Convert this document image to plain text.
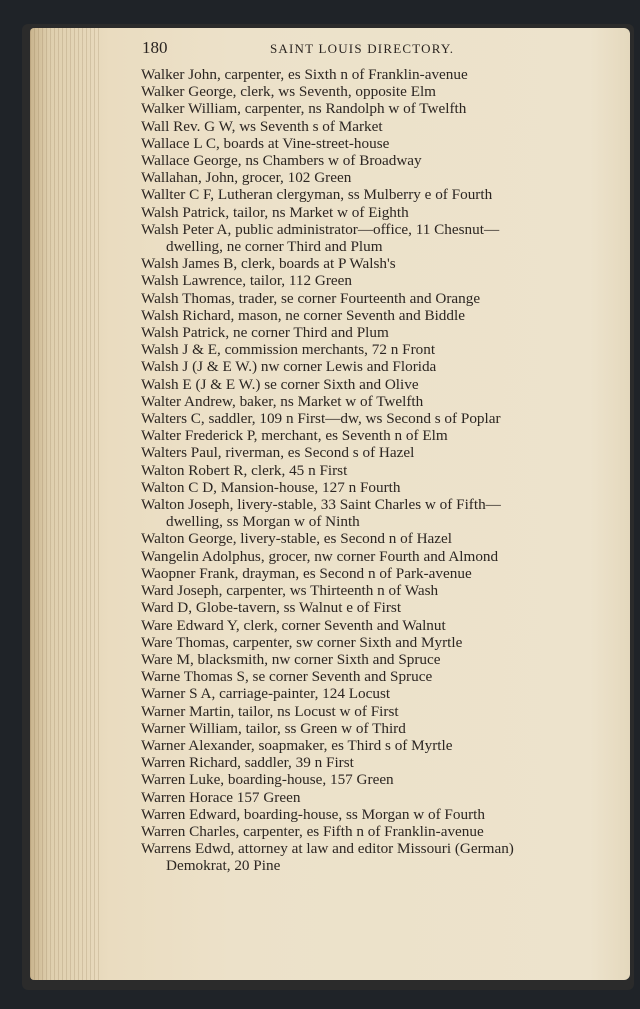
180	SAINT LOUIS DIRECTORY.
Walker John, carpenter, es Sixth n of Franklin-avenue
Walker George, clerk, ws Seventh, opposite Elm
Walker William, carpenter, ns Randolph w of Twelfth
Wall Rev. G W, ws Seventh s of Market
Wallace L C, boards at Vine-street-house
Wallace George, ns Chambers w of Broadway
Wallahan, John, grocer, 102 Green
Wallter C F, Lutheran clergyman, ss Mulberry e of Fourth
Walsh Patrick, tailor, ns Market w of Eighth
Walsh Peter A, public administrator—office, 11 Chesnut—
dwelling, ne corner Third and Plum
Walsh James B, clerk, boards at P Walsh's
Walsh Lawrence, tailor, 112 Green
Walsh Thomas, trader, se corner Fourteenth and Orange
Walsh Richard, mason, ne corner Seventh and Biddle
Walsh Patrick, ne corner Third and Plum
Walsh J & E, commission merchants, 72 n Front
Walsh J (J & E W.) nw corner Lewis and Florida
Walsh E (J & E W.) se corner Sixth and Olive
Walter Andrew, baker, ns Market w of Twelfth
Walters C, saddler, 109 n First—dw, ws Second s of Poplar
Walter Frederick P, merchant, es Seventh n of Elm
Walters Paul, riverman, es Second s of Hazel
Walton Robert R, clerk, 45 n First
Walton C D, Mansion-house, 127 n Fourth
Walton Joseph, livery-stable, 33 Saint Charles w of Fifth—
dwelling, ss Morgan w of Ninth
Walton George, livery-stable, es Second n of Hazel
Wangelin Adolphus, grocer, nw corner Fourth and Almond
Waopner Frank, drayman, es Second n of Park-avenue
Ward Joseph, carpenter, ws Thirteenth n of Wash
Ward D, Globe-tavern, ss Walnut e of First
Ware Edward Y, clerk, corner Seventh and Walnut
Ware Thomas, carpenter, sw corner Sixth and Myrtle
Ware M, blacksmith, nw corner Sixth and Spruce
Warne Thomas S, se corner Seventh and Spruce
Warner S A, carriage-painter, 124 Locust
Warner Martin, tailor, ns Locust w of First
Warner William, tailor, ss Green w of Third
Warner Alexander, soapmaker, es Third s of Myrtle
Warren Richard, saddler, 39 n First
Warren Luke, boarding-house, 157 Green
Warren Horace 157 Green
Warren Edward, boarding-house, ss Morgan w of Fourth
Warren Charles, carpenter, es Fifth n of Franklin-avenue
Warrens Edwd, attorney at law and editor Missouri (German)
Demokrat, 20 Pine
